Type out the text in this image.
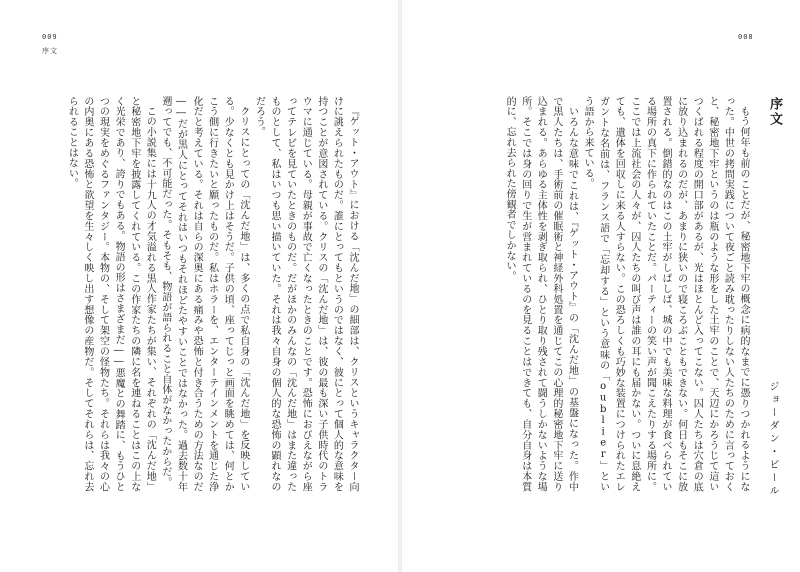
009
序文

『ゲット・アウト』における「沈んだ地」の細部は、クリスというキャラクター向けに誂えられたものだ。誰にとってもというのではなく、彼にとって個人的な意味を持つことが意図されている。クリスの「沈んだ地」は、彼の最も深い子供時代のトラウマに通じている。母親が事故で亡くなったときのことです。恐怖におびえながら座ってテレビを見ていたときのものだ。だがほかのみんなの「沈んだ地」はまた違ったものとして、私はいつも思い描いていた。それは我々自身の個人的な恐怖の顕れなのだろう。

クリスにとっての「沈んだ地」は、多くの点で私自身の「沈んだ地」を反映している。少なくとも見かけ上はそうだ。子供の頃、座ってじっと画面を眺めては、何とかこう側に行きたいと願ったものだ。私はホラーを、エンターテインメントを通じた浄化だと考えている。それは自らの深奥にある痛みや恐怖と付き合うための方法なのだ――だが黒人にとってそれはいつもそれほどたやすいことではなかった。過去数十年遡ってでも、不可能だった。そもそも、物語が語られること自体がなかったからだ。

この小説集には十九人の才気溢れる黒人作家たちが集い、それぞれの「沈んだ地」と秘密地下牢を披露してくれている。この作家たちの隣に名を連ねることはこの上なく光栄であり、誇りでもある。物語の形はさまざまだ――悪魔との舞踏に、もうひとつの現実をめぐるファンタジー。本物の、そして架空の怪物たち。それらは我々の心の内奥にある恐怖と欲望を生々しく映し出す想像の産物だ。そしてそれらは、忘れ去られることはない。

008
序文
ジョーダン・ピール

もう何年も前のことだが、秘密地下牢の概念に病的なまでに憑りつかれるようになった。中世の拷問実践について夜ごと読み耽ったりしない人たちのために言っておくと、秘密地下牢というのは瓶のような形をした土牢のことで、天辺にかろうじて這いつくばれる程度の開口部があるが、光はほとんど入ってこない。囚人たちは穴倉の底に放り込まれるのだが、あまりに狭いので寝ころぶこともできない。何日もそこに放置される。倒錯的なのはこの土牢がしばしば、城の中でも美味な料理が食べられている場所の真下に作られていたことだ。パーティーの笑い声が聞こえたりする場所に。ここでは上流社会の人々が、囚人たちの叫び声は誰の耳にも届かない。ついに息絶えても、遺体を回収しに来る人すらない。この恐ろしくも巧妙な装置につけられたエレガントな名前は、フランス語で「忘却する」という意味の「oublier」という語から来ている。

いろんな意味でこれは、『ゲット・アウト』の「沈んだ地」の基盤になった。作中で黒人たちは、手術前の催眠術と神経外科処置を通じてこの心理的秘密地下牢に送り込まれる。あらゆる主体性を剥ぎ取られ、ひとり取り残されて闘うしかないような場所。そこでは身の回りで生が営まれているのを見ることはできても、自分自身は本質的に、忘れ去られた傍観者でしかない。
